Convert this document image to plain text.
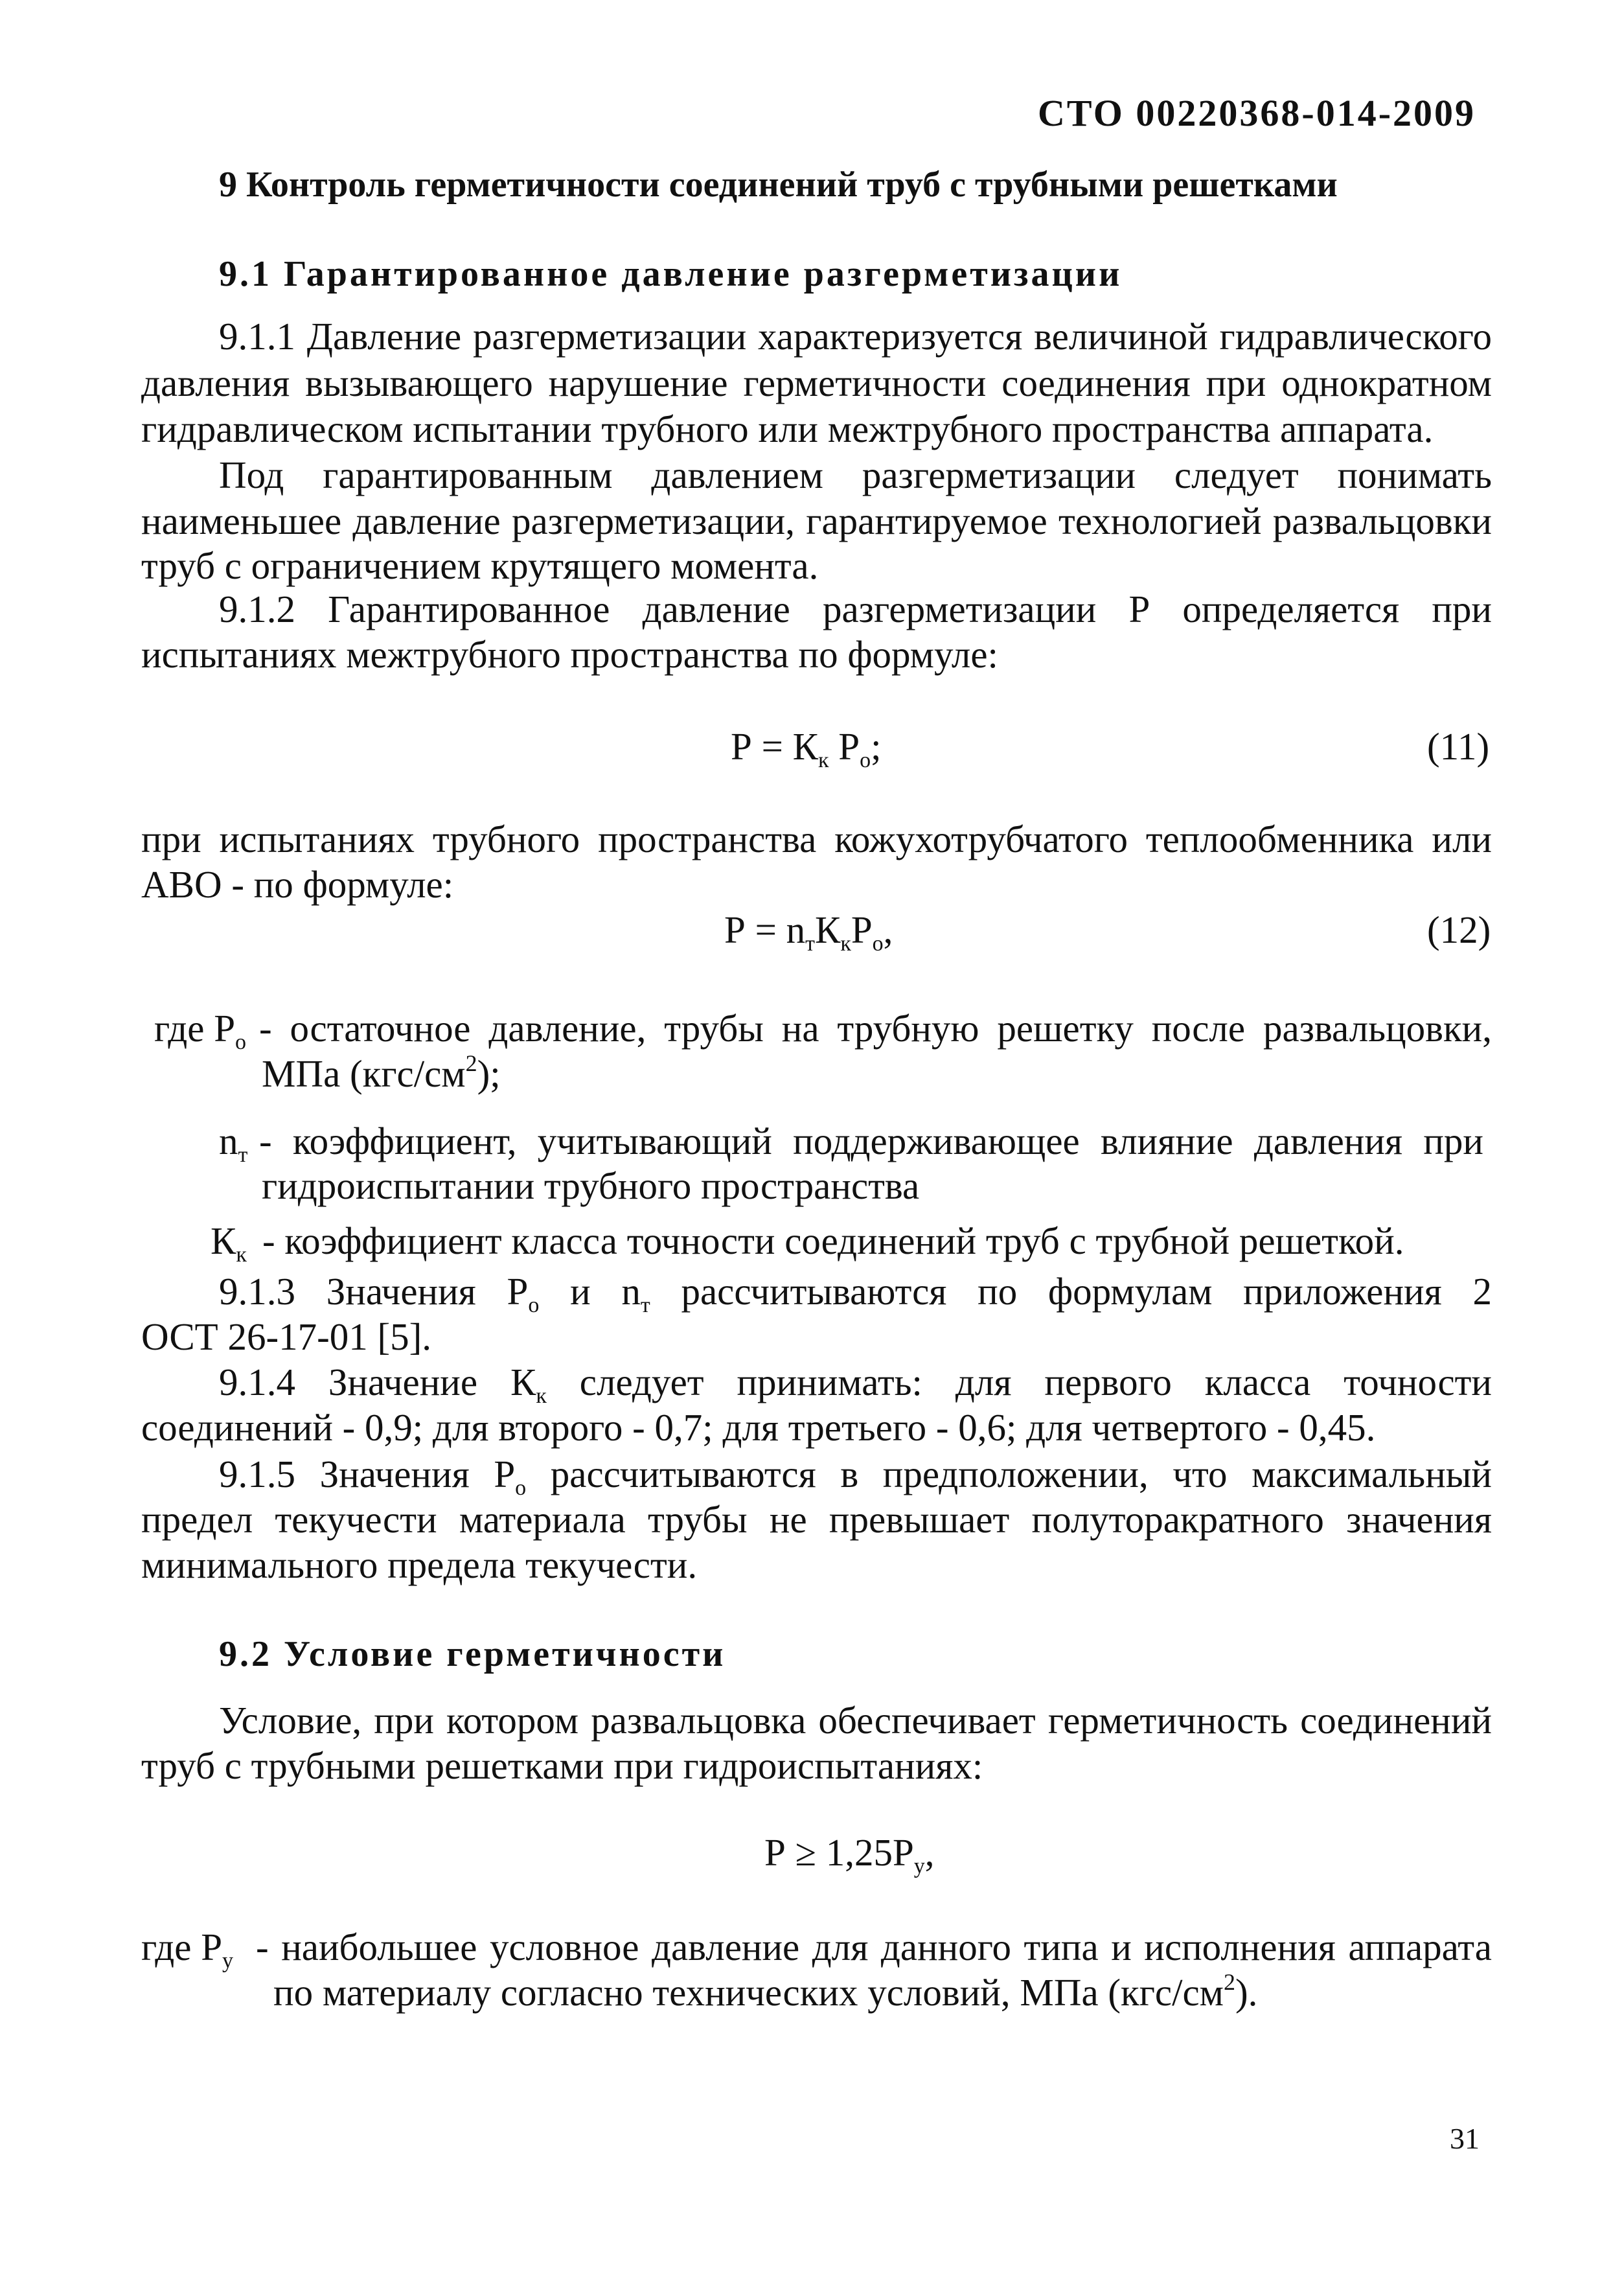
СТО 00220368-014-2009
9 Контроль герметичности соединений труб с трубными решетками
9.1 Гарантированное давление разгерметизации
9.1.1 Давление разгерметизации характеризуется величиной гидравлического
давления вызывающего нарушение герметичности соединения при однократном
гидравлическом испытании трубного или межтрубного пространства аппарата.
Под гарантированным давлением разгерметизации следует понимать
наименьшее давление разгерметизации, гарантируемое технологией развальцовки
труб с ограничением крутящего момента.
9.1.2 Гарантированное давление разгерметизации Р определяется при
испытаниях межтрубного пространства по формуле:
$Р = К_к$ $Р_о$;	(11)
при испытаниях трубного пространства кожухотрубчатого теплообменника или
АВО - по формуле:
$Р = n_тК_кР_о$,	(12)
где $Р_о$ - остаточное давление, трубы на трубную решетку после развальцовки,
МПа $(кгс/см^2)$;
$n_т$ - коэффициент, учитывающий поддерживающее влияние давления при
гидроиспытании трубного пространства
$К_к$ - коэффициент класса точности соединений труб с трубной решеткой.
9.1.3 Значения $Р_о$ и $n_т$ рассчитываются по формулам приложения 2
ОСТ 26-17-01 [5].
9.1.4 Значение $К_к$ следует принимать: для первого класса точности
соединений - 0,9; для второго - 0,7; для третьего - 0,6; для четвертого - 0,45.
9.1.5 Значения $Р_о$ рассчитываются в предположении, что максимальный
предел текучести материала трубы не превышает полуторакратного значения
минимального предела текучести.
9.2 Условие герметичности
Условие, при котором развальцовка обеспечивает герметичность соединений
труб с трубными решетками при гидроиспытаниях:
$Р \ge 1,25Р_у$,
где $Р_у$ - наибольшее условное давление для данного типа и исполнения аппарата
по материалу согласно технических условий, МПа $(кгс/см^2)$.
31
